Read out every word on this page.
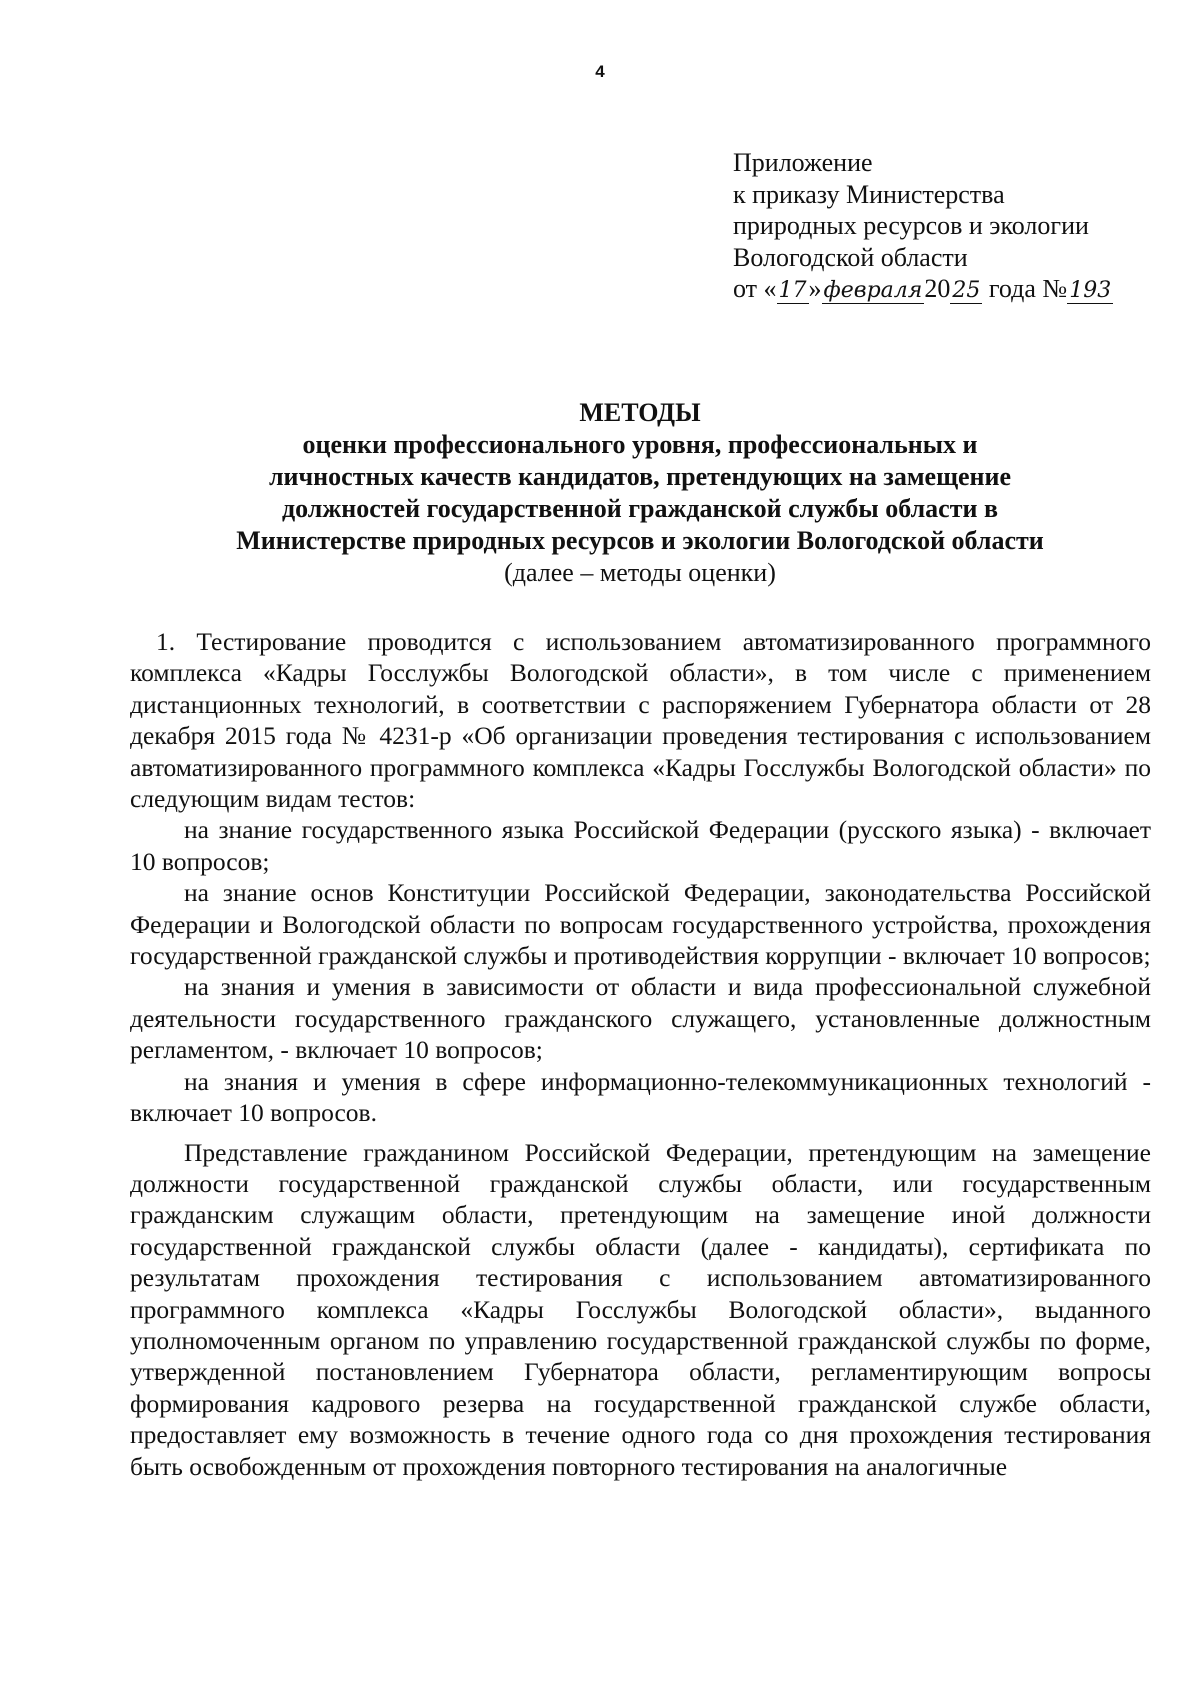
4
Приложение
к приказу Министерства
природных ресурсов и экологии
Вологодской области
от «17»февраля2025 года №193
МЕТОДЫ
оценки профессионального уровня, профессиональных и
личностных качеств кандидатов, претендующих на замещение
должностей государственной гражданской службы области в
Министерстве природных ресурсов и экологии Вологодской области
(далее – методы оценки)

1. Тестирование проводится с использованием автоматизированного программного комплекса «Кадры Госслужбы Вологодской области», в том числе с применением дистанционных технологий, в соответствии с распоряжением Губернатора области от 28 декабря 2015 года № 4231-р «Об организации проведения тестирования с использованием автоматизированного программного комплекса «Кадры Госслужбы Вологодской области» по следующим видам тестов:

на знание государственного языка Российской Федерации (русского языка) - включает 10 вопросов;

на знание основ Конституции Российской Федерации, законодательства Российской Федерации и Вологодской области по вопросам государственного устройства, прохождения государственной гражданской службы и противодействия коррупции - включает 10 вопросов;

на знания и умения в зависимости от области и вида профессиональной служебной деятельности государственного гражданского служащего, установленные должностным регламентом, - включает 10 вопросов;

на знания и умения в сфере информационно-телекоммуникационных технологий - включает 10 вопросов.

Представление гражданином Российской Федерации, претендующим на замещение должности государственной гражданской службы области, или государственным гражданским служащим области, претендующим на замещение иной должности государственной гражданской службы области (далее - кандидаты), сертификата по результатам прохождения тестирования с использованием автоматизированного программного комплекса «Кадры Госслужбы Вологодской области», выданного уполномоченным органом по управлению государственной гражданской службы по форме, утвержденной постановлением Губернатора области, регламентирующим вопросы формирования кадрового резерва на государственной гражданской службе области, предоставляет ему возможность в течение одного года со дня прохождения тестирования быть освобожденным от прохождения повторного тестирования на аналогичные
